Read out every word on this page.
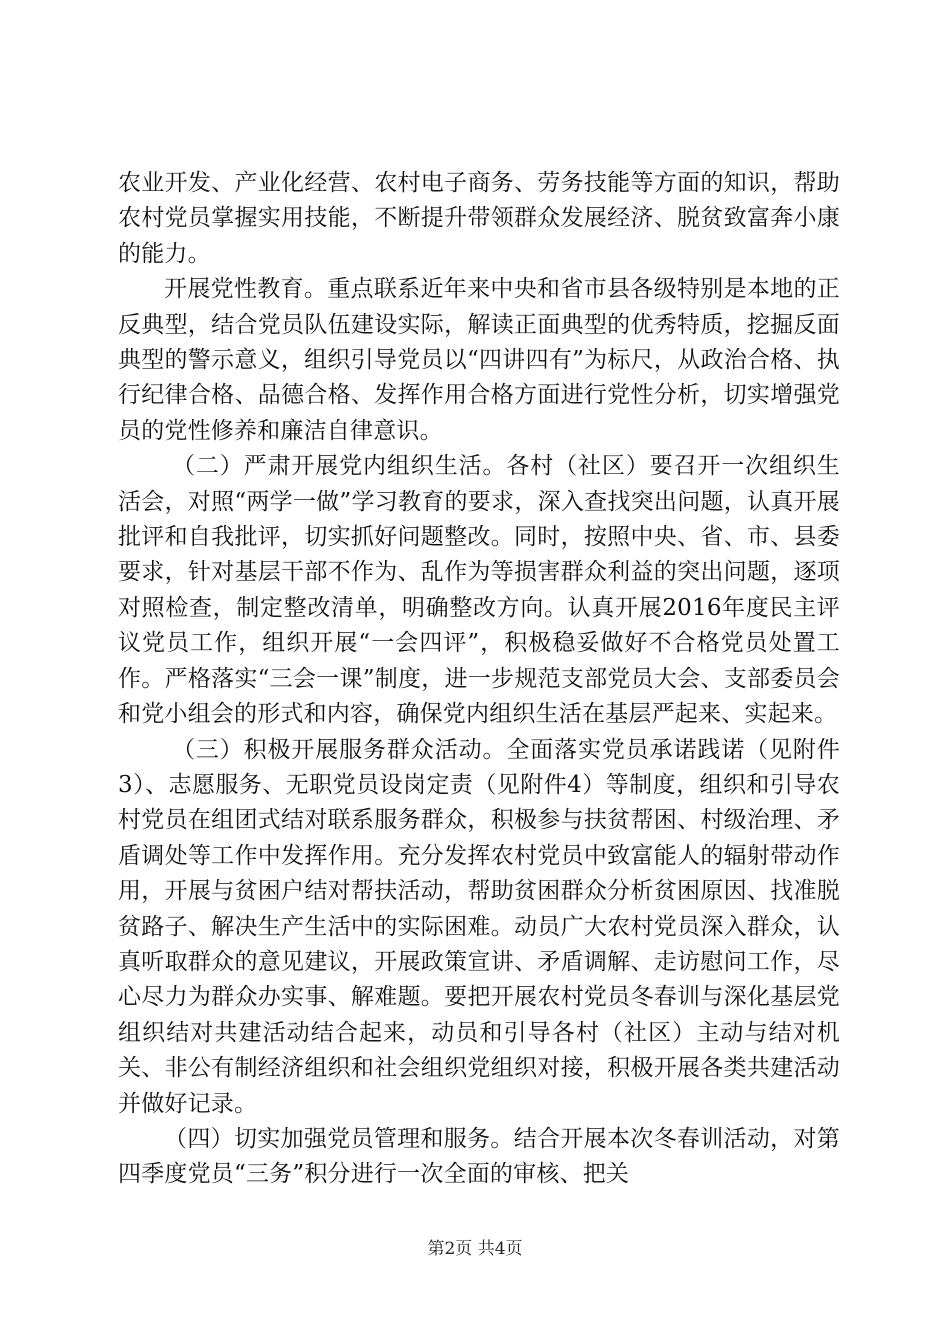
农业开发、产业化经营、农村电子商务、劳务技能等方面的知识，帮助农村党员掌握实用技能，不断提升带领群众发展经济、脱贫致富奔小康的能力。

开展党性教育。重点联系近年来中央和省市县各级特别是本地的正反典型，结合党员队伍建设实际，解读正面典型的优秀特质，挖掘反面典型的警示意义，组织引导党员以“四讲四有”为标尺，从政治合格、执行纪律合格、品德合格、发挥作用合格方面进行党性分析，切实增强党员的党性修养和廉洁自律意识。

（二）严肃开展党内组织生活。各村（社区）要召开一次组织生活会，对照“两学一做”学习教育的要求，深入查找突出问题，认真开展批评和自我批评，切实抓好问题整改。同时，按照中央、省、市、县委要求，针对基层干部不作为、乱作为等损害群众利益的突出问题，逐项对照检查，制定整改清单，明确整改方向。认真开展2016年度民主评议党员工作，组织开展“一会四评”，积极稳妥做好不合格党员处置工作。严格落实“三会一课”制度，进一步规范支部党员大会、支部委员会和党小组会的形式和内容，确保党内组织生活在基层严起来、实起来。

（三）积极开展服务群众活动。全面落实党员承诺践诺（见附件3）、志愿服务、无职党员设岗定责（见附件4）等制度，组织和引导农村党员在组团式结对联系服务群众，积极参与扶贫帮困、村级治理、矛盾调处等工作中发挥作用。充分发挥农村党员中致富能人的辐射带动作用，开展与贫困户结对帮扶活动，帮助贫困群众分析贫困原因、找准脱贫路子、解决生产生活中的实际困难。动员广大农村党员深入群众，认真听取群众的意见建议，开展政策宣讲、矛盾调解、走访慰问工作，尽心尽力为群众办实事、解难题。要把开展农村党员冬春训与深化基层党组织结对共建活动结合起来，动员和引导各村（社区）主动与结对机关、非公有制经济组织和社会组织党组织对接，积极开展各类共建活动并做好记录。

（四）切实加强党员管理和服务。结合开展本次冬春训活动，对第四季度党员“三务”积分进行一次全面的审核、把关

第2页 共4页
